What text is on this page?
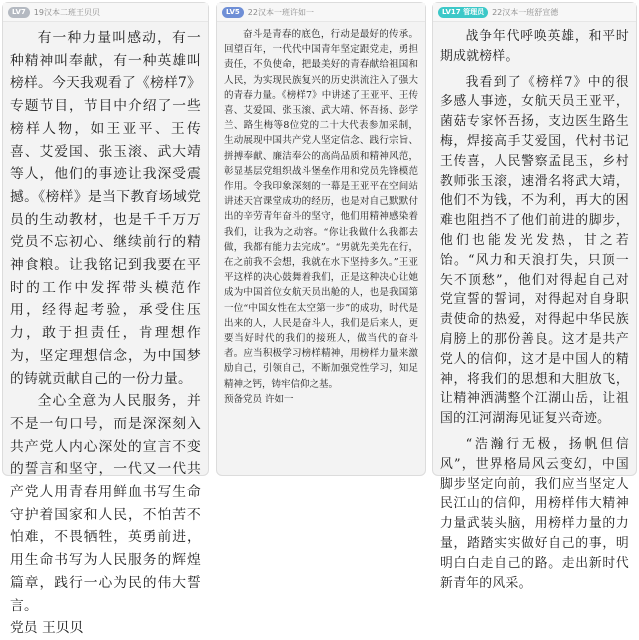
LV7	19汉本二班王贝贝

有一种力量叫感动，有一种精神叫奉献，有一种英雄叫榜样。今天我观看了《榜样7》专题节目，节目中介绍了一些榜样人物，如王亚平、王传喜、艾爱国、张玉滚、武大靖等人，他们的事迹让我深受震撼。《榜样》是当下教育场域党员的生动教材，也是千千万万党员不忘初心、继续前行的精神食粮。让我铭记到我要在平时的工作中发挥带头模范作用，经得起考验，承受住压力，敢于担责任，肯理想作为，坚定理想信念，为中国梦的铸就贡献自己的一份力量。

全心全意为人民服务，并不是一句口号，而是深深刻入共产党人内心深处的宣言不变的誓言和坚守，一代又一代共产党人用青春用鲜血书写生命守护着国家和人民，不怕苦不怕难，不畏牺牲，英勇前进，用生命书写为人民服务的辉煌篇章，践行一心为民的伟大誓言。

党员 王贝贝

LV5	22汉本一班许如一

奋斗是青春的底色，行动是最好的传承。回望百年，一代代中国青年坚定跟党走，勇担责任，不负使命，把最美好的青春献给祖国和人民，为实现民族复兴的历史洪流注入了强大的青春力量。《榜样7》中讲述了王亚平、王传喜、艾爱国、张玉滚、武大靖、怀吾扬、彭学兰、路生梅等8位党的二十大代表参加采制，生动展现中国共产党人坚定信念、践行宗旨、拼搏奉献、廉洁奉公的高尚品质和精神风范，彰显基层党组织战斗堡垒作用和党员先锋模范作用。令我印象深刻的一幕是王亚平在空间站讲述天宫课堂成功的经历，也是对自己默默付出的辛劳青年奋斗的坚守，他们用精神感染着我们，让我为之动容。“你让我做什么我都去做，我都有能力去完成”。“男就先美先在行，在之前我不会想，我就在水下坚持多久。”王亚平这样的决心鼓舞着我们，正是这种决心让她成为中国首位女航天员出舱的人，也是我国第一位“中国女性在太空第一步”的成功，时代是出来的人，人民是奋斗人，我们是后来人，更要当好时代的我们的接班人，做当代的奋斗者。应当积极学习榜样精神，用榜样力量来激励自己，引领自己，不断加强党性学习，知足精神之钙，铸牢信仰之基。

预备党员 许如一

LV17 管理员	22汉本一班舒宣德

战争年代呼唤英雄，和平时期成就榜样。

我看到了《榜样7》中的很多感人事迹，女航天员王亚平，菌菇专家怀吾扬，支边医生路生梅，焊接高手艾爱国，代村书记王传喜，人民警察孟昆玉，乡村教师张玉滚，速滑名将武大靖，他们不为钱，不为利，再大的困难也阻挡不了他们前进的脚步，他们也能发光发热，甘之若饴。“风力和天浪打失，只顶一矢不顶愁”，他们对得起自己对党宣誓的誓词，对得起对自身职责使命的热爱，对得起中华民族肩膀上的那份善良。这才是共产党人的信仰，这才是中国人的精神，将我们的思想和大胆放飞，让精神洒满整个江湖山岳，让祖国的江河湖海见证复兴奇迹。

“浩瀚行无极，扬帆但信风”，世界格局风云变幻，中国脚步坚定向前，我们应当坚定人民江山的信仰，用榜样伟大精神力量武装头脑，用榜样力量的力量，踏踏实实做好自己的事，明明白白走自己的路。走出新时代新青年的风采。
